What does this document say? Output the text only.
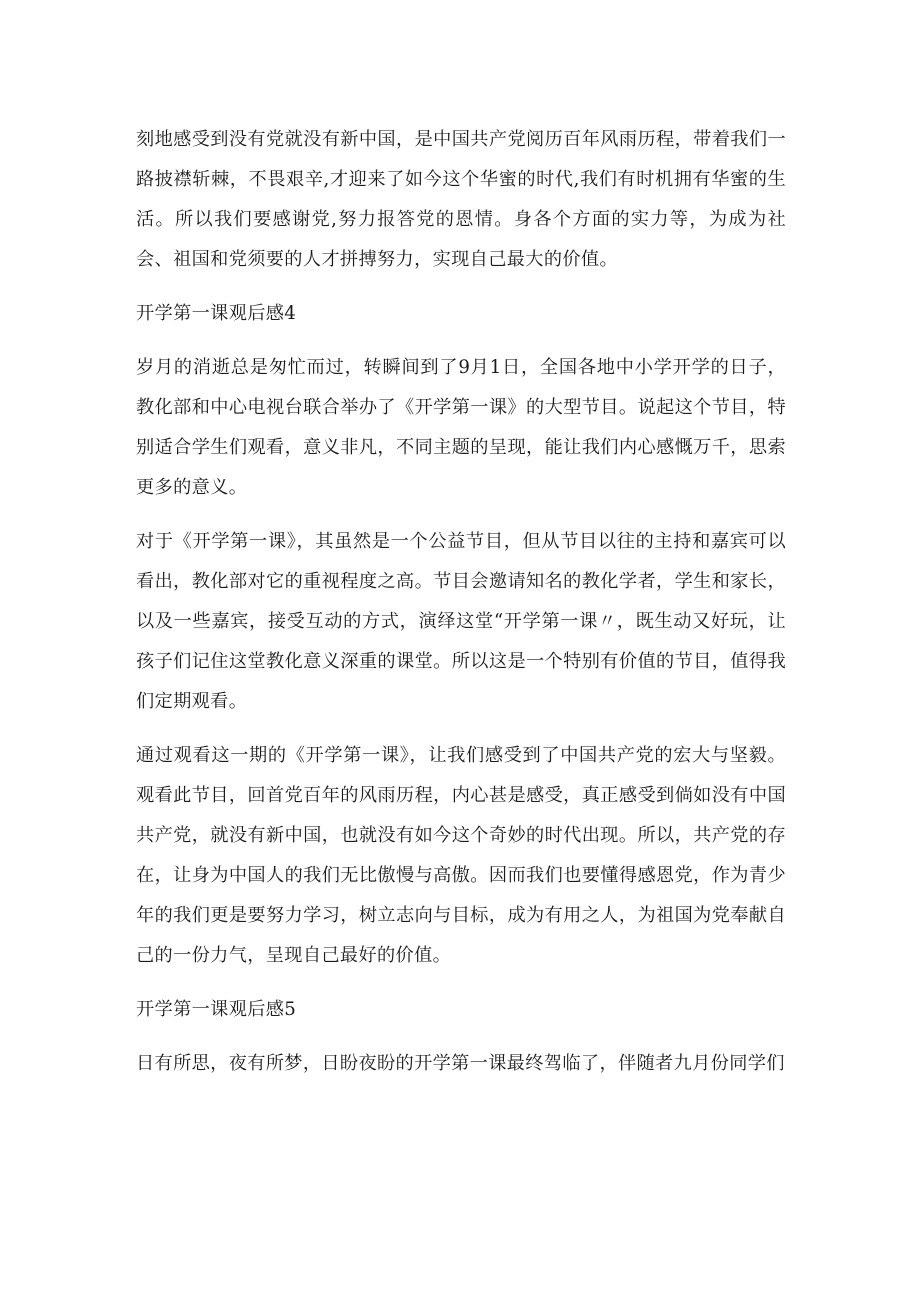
刻地感受到没有党就没有新中国，是中国共产党阅历百年风雨历程，带着我们一路披襟斩棘，不畏艰辛,才迎来了如今这个华蜜的时代,我们有时机拥有华蜜的生活。所以我们要感谢党,努力报答党的恩情。身各个方面的实力等，为成为社会、祖国和党须要的人才拼搏努力，实现自己最大的价值。

开学第一课观后感4

岁月的消逝总是匆忙而过，转瞬间到了9月1日，全国各地中小学开学的日子，教化部和中心电视台联合举办了《开学第一课》的大型节目。说起这个节目，特别适合学生们观看，意义非凡，不同主题的呈现，能让我们内心感慨万千，思索更多的意义。

对于《开学第一课》，其虽然是一个公益节目，但从节目以往的主持和嘉宾可以看出，教化部对它的重视程度之高。节目会邀请知名的教化学者，学生和家长，以及一些嘉宾，接受互动的方式，演绎这堂“开学第一课〃，既生动又好玩，让孩子们记住这堂教化意义深重的课堂。所以这是一个特别有价值的节目，值得我们定期观看。

通过观看这一期的《开学第一课》，让我们感受到了中国共产党的宏大与坚毅。观看此节目，回首党百年的风雨历程，内心甚是感受，真正感受到倘如没有中国共产党，就没有新中国，也就没有如今这个奇妙的时代出现。所以，共产党的存在，让身为中国人的我们无比傲慢与高傲。因而我们也要懂得感恩党，作为青少年的我们更是要努力学习，树立志向与目标，成为有用之人，为祖国为党奉献自己的一份力气，呈现自己最好的价值。

开学第一课观后感5

日有所思，夜有所梦，日盼夜盼的开学第一课最终驾临了，伴随者九月份同学们
